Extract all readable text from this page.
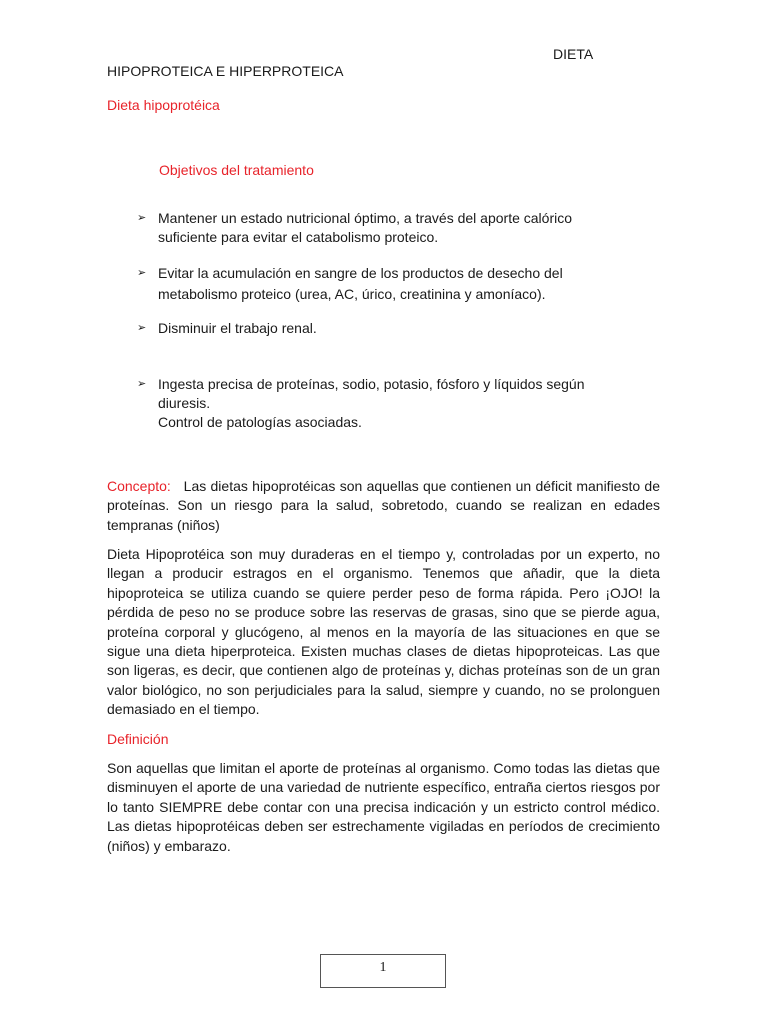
DIETA
HIPOPROTEICA E HIPERPROTEICA
Dieta hipoprotéica
Objetivos del tratamiento
➢ Mantener un estado nutricional óptimo, a través del aporte calórico
suficiente para evitar el catabolismo proteico.
➢ Evitar la acumulación en sangre de los productos de desecho del
metabolismo proteico (urea, AC, úrico, creatinina y amoníaco).
➢ Disminuir el trabajo renal.
➢ Ingesta precisa de proteínas, sodio, potasio, fósforo y líquidos según
diuresis.
Control de patologías asociadas.
Concepto: Las dietas hipoprotéicas son aquellas que contienen un déficit manifiesto de proteínas. Son un riesgo para la salud, sobretodo, cuando se realizan en edades tempranas (niños)
Dieta Hipoprotéica son muy duraderas en el tiempo y, controladas por un experto, no llegan a producir estragos en el organismo. Tenemos que añadir, que la dieta hipoproteica se utiliza cuando se quiere perder peso de forma rápida. Pero ¡OJO! la pérdida de peso no se produce sobre las reservas de grasas, sino que se pierde agua, proteína corporal y glucógeno, al menos en la mayoría de las situaciones en que se sigue una dieta hiperproteica. Existen muchas clases de dietas hipoproteicas. Las que son ligeras, es decir, que contienen algo de proteínas y, dichas proteínas son de un gran valor biológico, no son perjudiciales para la salud, siempre y cuando, no se prolonguen demasiado en el tiempo.
Definición
Son aquellas que limitan el aporte de proteínas al organismo. Como todas las dietas que disminuyen el aporte de una variedad de nutriente específico, entraña ciertos riesgos por lo tanto SIEMPRE debe contar con una precisa indicación y un estricto control médico. Las dietas hipoprotéicas deben ser estrechamente vigiladas en períodos de crecimiento (niños) y embarazo.
1
